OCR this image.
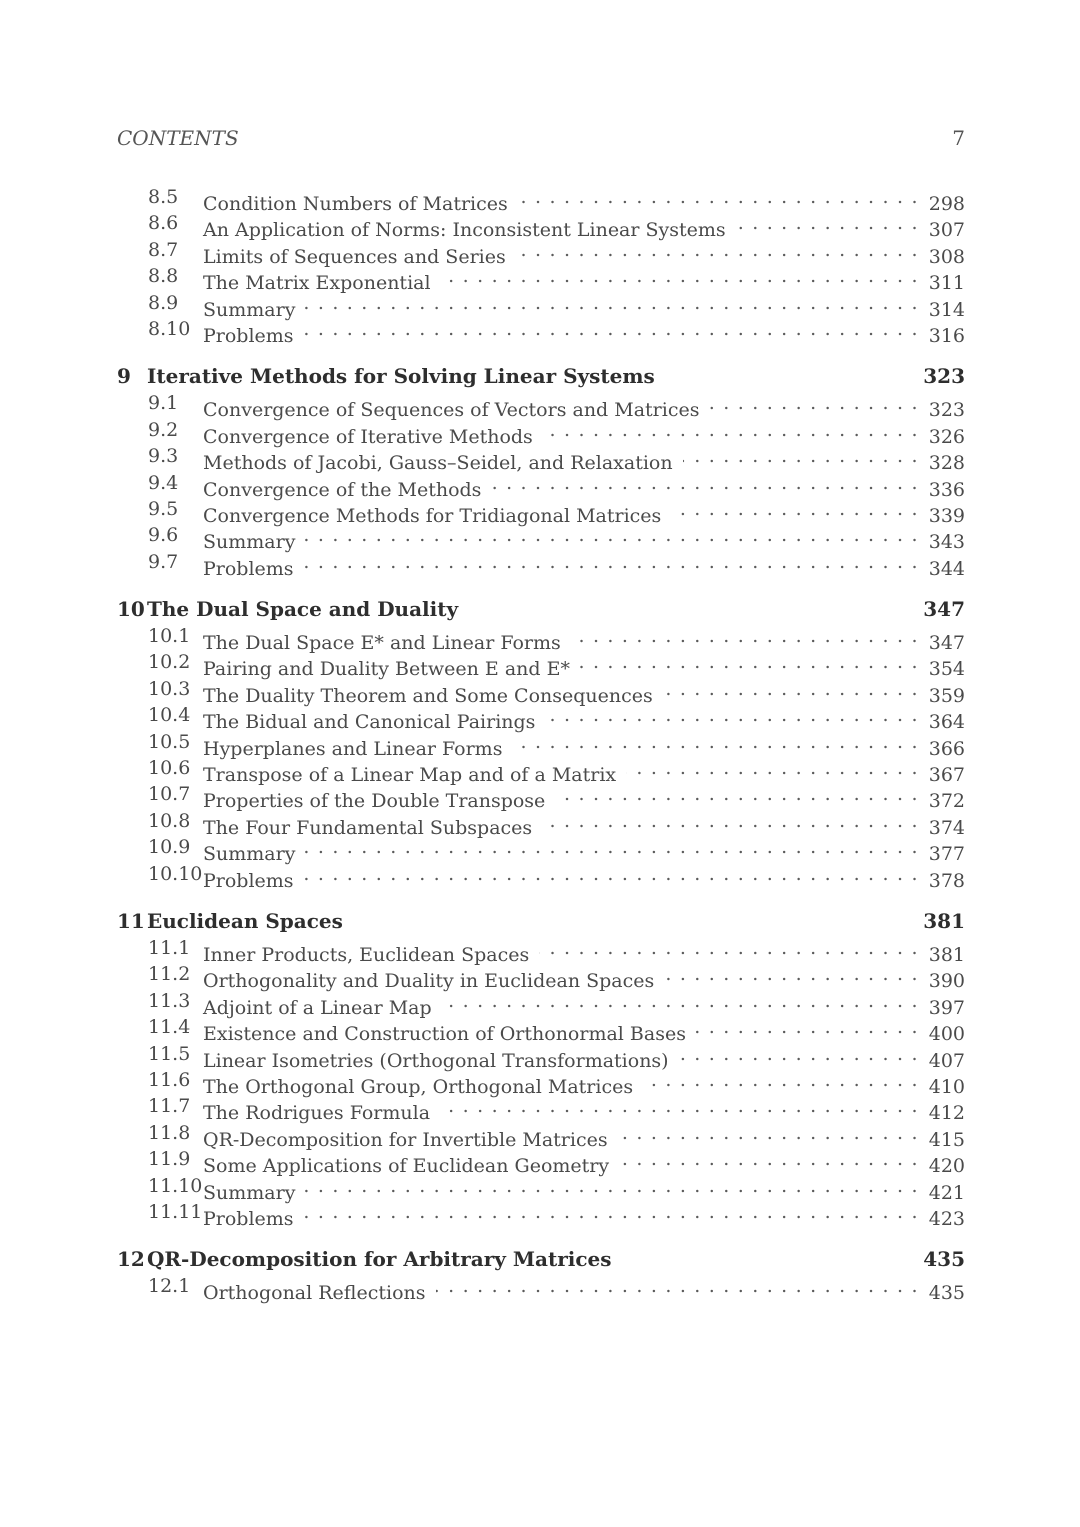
CONTENTS	7
8.5	Condition Numbers of Matrices . . .	298
8.6	An Application of Norms: Inconsistent Linear Systems . . .	307
8.7	Limits of Sequences and Series . . .	308
8.8	The Matrix Exponential . . .	311
8.9	Summary . . .	314
8.10 Problems . . .	316
9 Iterative Methods for Solving Linear Systems	323
9.1	Convergence of Sequences of Vectors and Matrices . . .	323
9.2	Convergence of Iterative Methods . . .	326
9.3	Methods of Jacobi, Gauss–Seidel, and Relaxation . . .	328
9.4	Convergence of the Methods . . .	336
9.5	Convergence Methods for Tridiagonal Matrices . . .	339
9.6	Summary . . .	343
9.7	Problems . . .	344
10 The Dual Space and Duality	347
10.1 The Dual Space E* and Linear Forms . . .	347
10.2 Pairing and Duality Between E and E* . . .	354
10.3 The Duality Theorem and Some Consequences . . .	359
10.4 The Bidual and Canonical Pairings . . .	364
10.5 Hyperplanes and Linear Forms . . .	366
10.6 Transpose of a Linear Map and of a Matrix . . .	367
10.7 Properties of the Double Transpose . . .	372
10.8 The Four Fundamental Subspaces . . .	374
10.9 Summary . . .	377
10.10 Problems . . .	378
11 Euclidean Spaces	381
11.1 Inner Products, Euclidean Spaces . . .	381
11.2 Orthogonality and Duality in Euclidean Spaces . . .	390
11.3 Adjoint of a Linear Map . . .	397
11.4 Existence and Construction of Orthonormal Bases . . .	400
11.5 Linear Isometries (Orthogonal Transformations) . . .	407
11.6 The Orthogonal Group, Orthogonal Matrices . . .	410
11.7 The Rodrigues Formula . . .	412
11.8 QR-Decomposition for Invertible Matrices . . .	415
11.9 Some Applications of Euclidean Geometry . . .	420
11.10 Summary . . .	421
11.11 Problems . . .	423
12 QR-Decomposition for Arbitrary Matrices	435
12.1 Orthogonal Reflections . . .	435
